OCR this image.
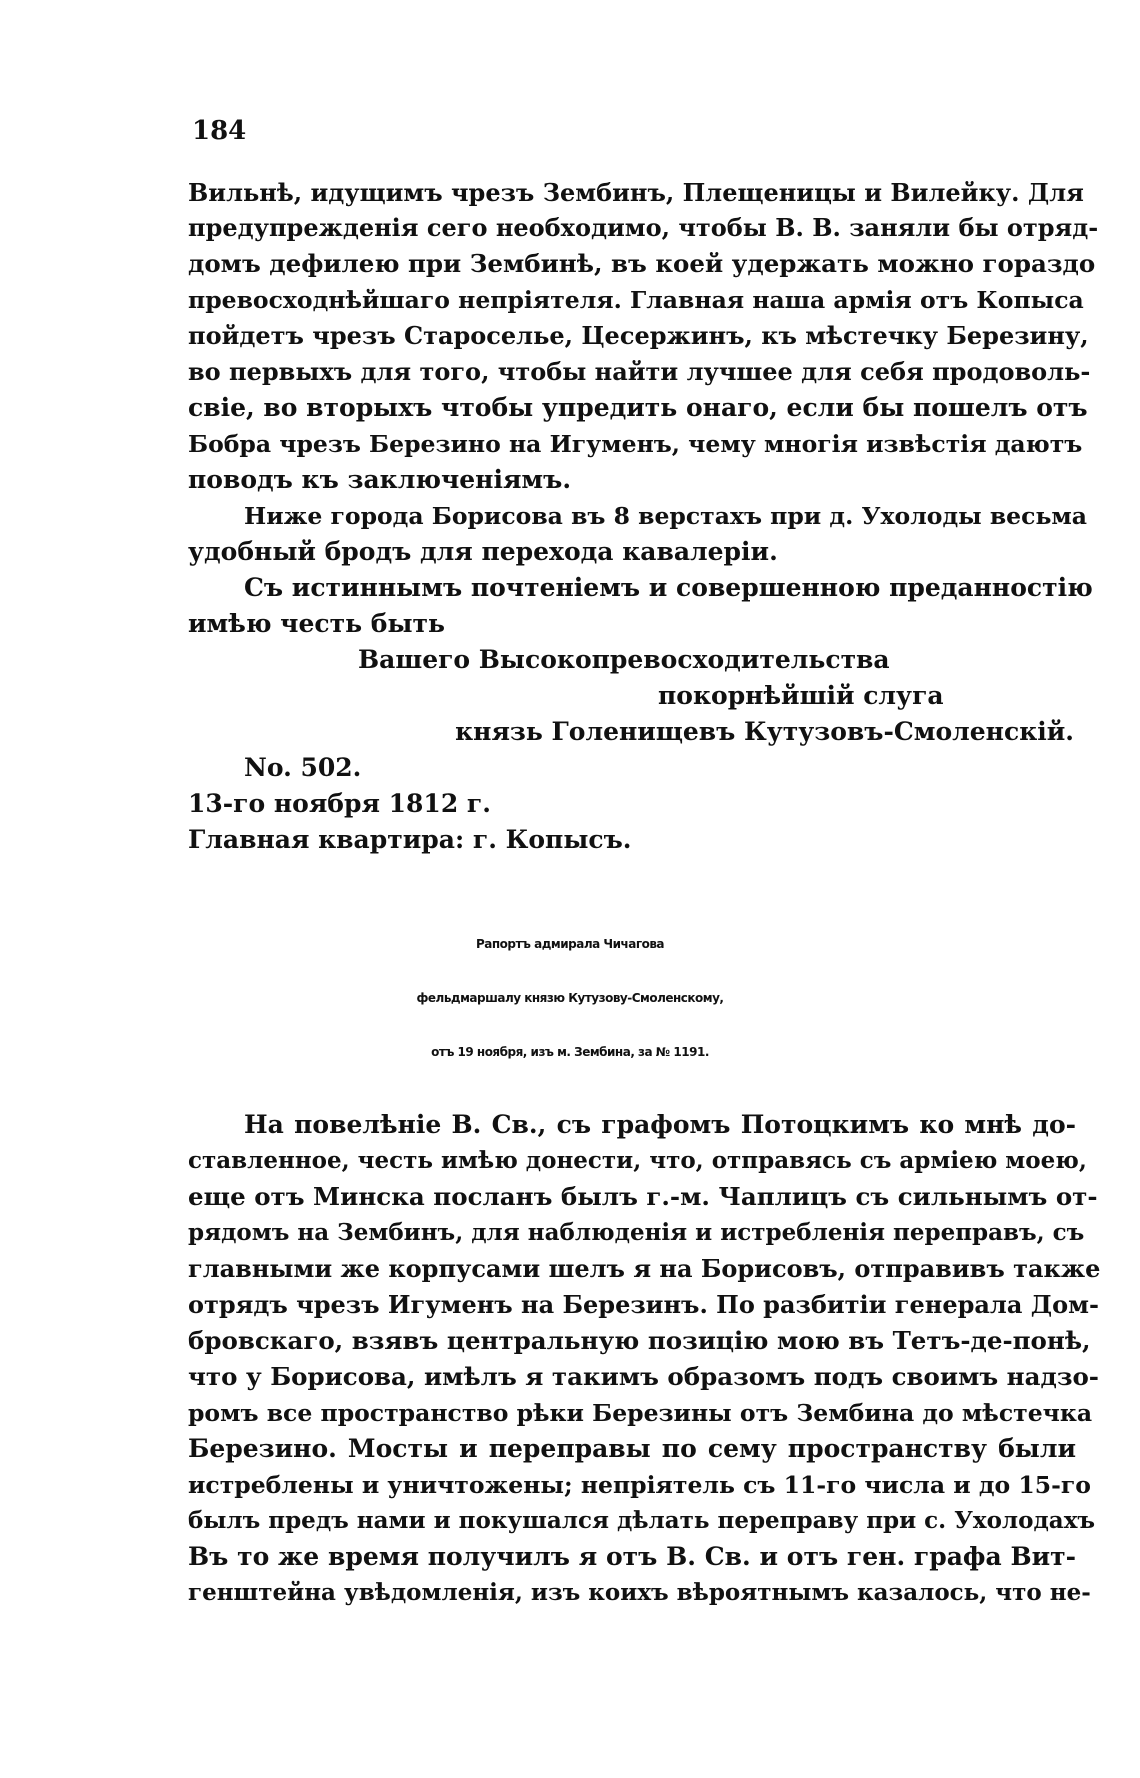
184
Вильнѣ, идущимъ чрезъ Зембинъ, Плещеницы и Вилейку. Для
предупрежденія сего необходимо, чтобы В. В. заняли бы отряд-
домъ дефилею при Зембинѣ, въ коей удержать можно гораздо
превосходнѣйшаго непріятеля. Главная наша армія отъ Копыса
пойдетъ чрезъ Староселье, Цесержинъ, къ мѣстечку Березину,
во первыхъ для того, чтобы найти лучшее для себя продоволь-
свіе, во вторыхъ чтобы упредить онаго, если бы пошелъ отъ
Бобра чрезъ Березино на Игуменъ, чему многія извѣстія даютъ
поводъ къ заключеніямъ.
Ниже города Борисова въ 8 верстахъ при д. Ухолоды весьма
удобный бродъ для перехода кавалеріи.
Съ истиннымъ почтеніемъ и совершенною преданностію
имѣю честь быть
Вашего Высокопревосходительства
покорнѣйшій слуга
князь Голенищевъ Кутузовъ-Смоленскій.
No. 502.
13-го ноября 1812 г.
Главная квартира: г. Копысъ.
Рапортъ адмирала Чичагова
фельдмаршалу князю Кутузову-Смоленскому,
отъ 19 ноября, изъ м. Зембина, за № 1191.
На повелѣніе В. Св., съ графомъ Потоцкимъ ко мнѣ до-
ставленное, честь имѣю донести, что, отправясь съ арміею моею,
еще отъ Минска посланъ былъ г.-м. Чаплицъ съ сильнымъ от-
рядомъ на Зембинъ, для наблюденія и истребленія переправъ, съ
главными же корпусами шелъ я на Борисовъ, отправивъ также
отрядъ чрезъ Игуменъ на Березинъ. По разбитіи генерала Дом-
бровскаго, взявъ центральную позицію мою въ Тетъ-де-понѣ,
что у Борисова, имѣлъ я такимъ образомъ подъ своимъ надзо-
ромъ все пространство рѣки Березины отъ Зембина до мѣстечка
Березино. Мосты и переправы по сему пространству были
истреблены и уничтожены; непріятель съ 11-го числа и до 15-го
былъ предъ нами и покушался дѣлать переправу при с. Ухолодахъ
Въ то же время получилъ я отъ В. Св. и отъ ген. графа Вит-
генштейна увѣдомленія, изъ коихъ вѣроятнымъ казалось, что не-
